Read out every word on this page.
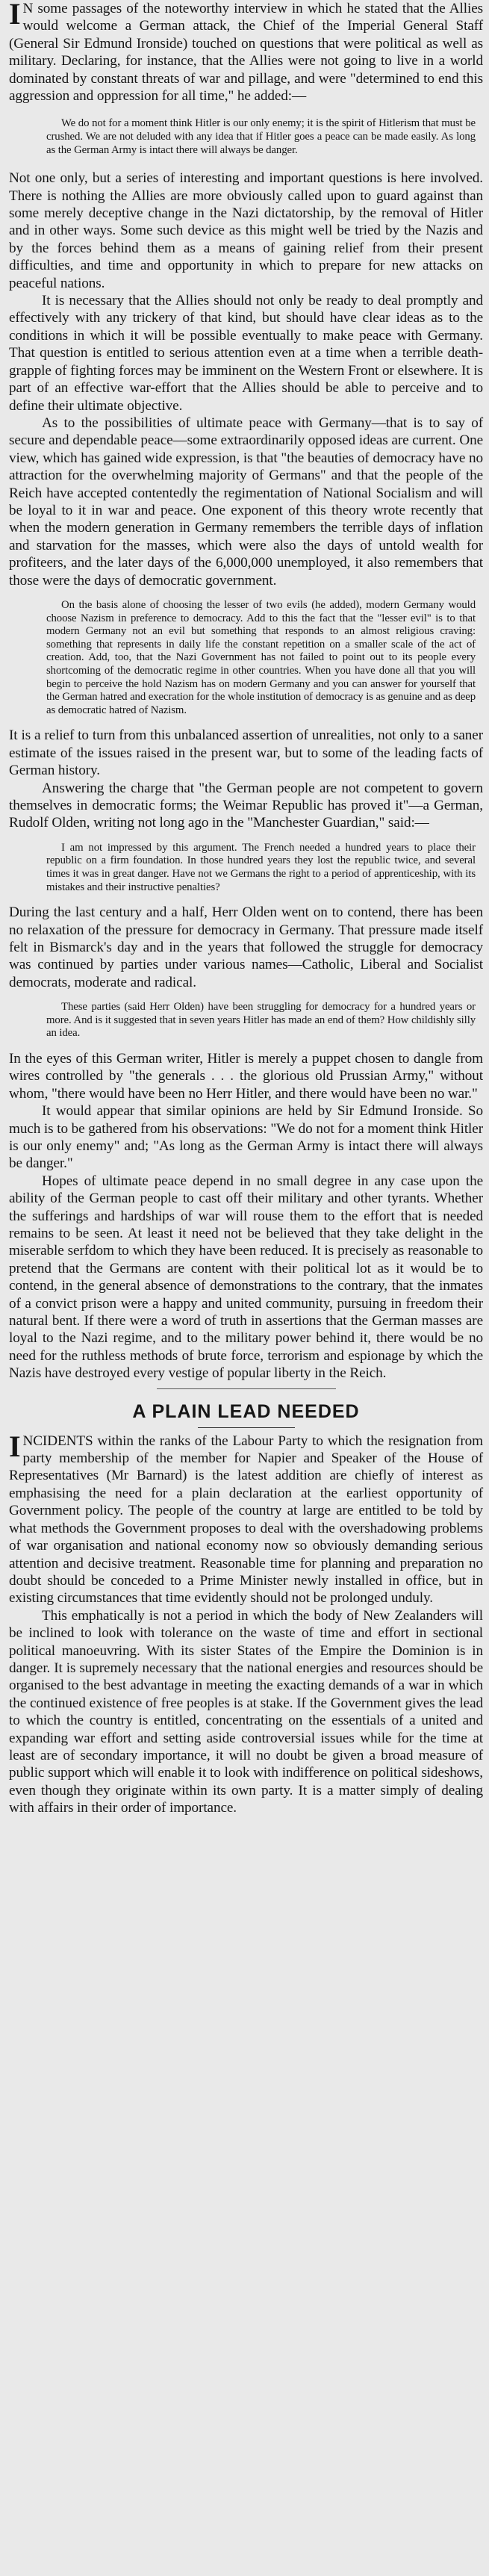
IN some passages of the noteworthy interview in which he stated that the Allies would welcome a German attack, the Chief of the Imperial General Staff (General Sir Edmund Ironside) touched on questions that were political as well as military. Declaring, for instance, that the Allies were not going to live in a world dominated by constant threats of war and pillage, and were "determined to end this aggression and oppression for all time," he added:—

We do not for a moment think Hitler is our only enemy; it is the spirit of Hitlerism that must be crushed. We are not deluded with any idea that if Hitler goes a peace can be made easily. As long as the German Army is intact there will always be danger.

Not one only, but a series of interesting and important questions is here involved. There is nothing the Allies are more obviously called upon to guard against than some merely deceptive change in the Nazi dictatorship, by the removal of Hitler and in other ways. Some such device as this might well be tried by the Nazis and by the forces behind them as a means of gaining relief from their present difficulties, and time and opportunity in which to prepare for new attacks on peaceful nations.

It is necessary that the Allies should not only be ready to deal promptly and effectively with any trickery of that kind, but should have clear ideas as to the conditions in which it will be possible eventually to make peace with Germany. That question is entitled to serious attention even at a time when a terrible death-grapple of fighting forces may be imminent on the Western Front or elsewhere. It is part of an effective war-effort that the Allies should be able to perceive and to define their ultimate objective.

As to the possibilities of ultimate peace with Germany—that is to say of secure and dependable peace—some extraordinarily opposed ideas are current. One view, which has gained wide expression, is that "the beauties of democracy have no attraction for the overwhelming majority of Germans" and that the people of the Reich have accepted contentedly the regimentation of National Socialism and will be loyal to it in war and peace. One exponent of this theory wrote recently that when the modern generation in Germany remembers the terrible days of inflation and starvation for the masses, which were also the days of untold wealth for profiteers, and the later days of the 6,000,000 unemployed, it also remembers that those were the days of democratic government.

On the basis alone of choosing the lesser of two evils (he added), modern Germany would choose Nazism in preference to democracy. Add to this the fact that the "lesser evil" is to that modern Germany not an evil but something that responds to an almost religious craving: something that represents in daily life the constant repetition on a smaller scale of the act of creation. Add, too, that the Nazi Government has not failed to point out to its people every shortcoming of the democratic regime in other countries. When you have done all that you will begin to perceive the hold Nazism has on modern Germany and you can answer for yourself that the German hatred and execration for the whole institution of democracy is as genuine and as deep as democratic hatred of Nazism.

It is a relief to turn from this unbalanced assertion of unrealities, not only to a saner estimate of the issues raised in the present war, but to some of the leading facts of German history.

Answering the charge that "the German people are not competent to govern themselves in democratic forms; the Weimar Republic has proved it"—a German, Rudolf Olden, writing not long ago in the "Manchester Guardian," said:—

I am not impressed by this argument. The French needed a hundred years to place their republic on a firm foundation. In those hundred years they lost the republic twice, and several times it was in great danger. Have not we Germans the right to a period of apprenticeship, with its mistakes and their instructive penalties?

During the last century and a half, Herr Olden went on to contend, there has been no relaxation of the pressure for democracy in Germany. That pressure made itself felt in Bismarck's day and in the years that followed the struggle for democracy was continued by parties under various names—Catholic, Liberal and Socialist democrats, moderate and radical.

These parties (said Herr Olden) have been struggling for democracy for a hundred years or more. And is it suggested that in seven years Hitler has made an end of them? How childishly silly an idea.

In the eyes of this German writer, Hitler is merely a puppet chosen to dangle from wires controlled by "the generals . . . the glorious old Prussian Army," without whom, "there would have been no Herr Hitler, and there would have been no war."

It would appear that similar opinions are held by Sir Edmund Ironside. So much is to be gathered from his observations: "We do not for a moment think Hitler is our only enemy" and; "As long as the German Army is intact there will always be danger."

Hopes of ultimate peace depend in no small degree in any case upon the ability of the German people to cast off their military and other tyrants. Whether the sufferings and hardships of war will rouse them to the effort that is needed remains to be seen. At least it need not be believed that they take delight in the miserable serfdom to which they have been reduced. It is precisely as reasonable to pretend that the Germans are content with their political lot as it would be to contend, in the general absence of demonstrations to the contrary, that the inmates of a convict prison were a happy and united community, pursuing in freedom their natural bent. If there were a word of truth in assertions that the German masses are loyal to the Nazi regime, and to the military power behind it, there would be no need for the ruthless methods of brute force, terrorism and espionage by which the Nazis have destroyed every vestige of popular liberty in the Reich.

A PLAIN LEAD NEEDED

INCIDENTS within the ranks of the Labour Party to which the resignation from party membership of the member for Napier and Speaker of the House of Representatives (Mr Barnard) is the latest addition are chiefly of interest as emphasising the need for a plain declaration at the earliest opportunity of Government policy. The people of the country at large are entitled to be told by what methods the Government proposes to deal with the overshadowing problems of war organisation and national economy now so obviously demanding serious attention and decisive treatment. Reasonable time for planning and preparation no doubt should be conceded to a Prime Minister newly installed in office, but in existing circumstances that time evidently should not be prolonged unduly.

This emphatically is not a period in which the body of New Zealanders will be inclined to look with tolerance on the waste of time and effort in sectional political manoeuvring. With its sister States of the Empire the Dominion is in danger. It is supremely necessary that the national energies and resources should be organised to the best advantage in meeting the exacting demands of a war in which the continued existence of free peoples is at stake. If the Government gives the lead to which the country is entitled, concentrating on the essentials of a united and expanding war effort and setting aside controversial issues while for the time at least are of secondary importance, it will no doubt be given a broad measure of public support which will enable it to look with indifference on political sideshows, even though they originate within its own party. It is a matter simply of dealing with affairs in their order of importance.
